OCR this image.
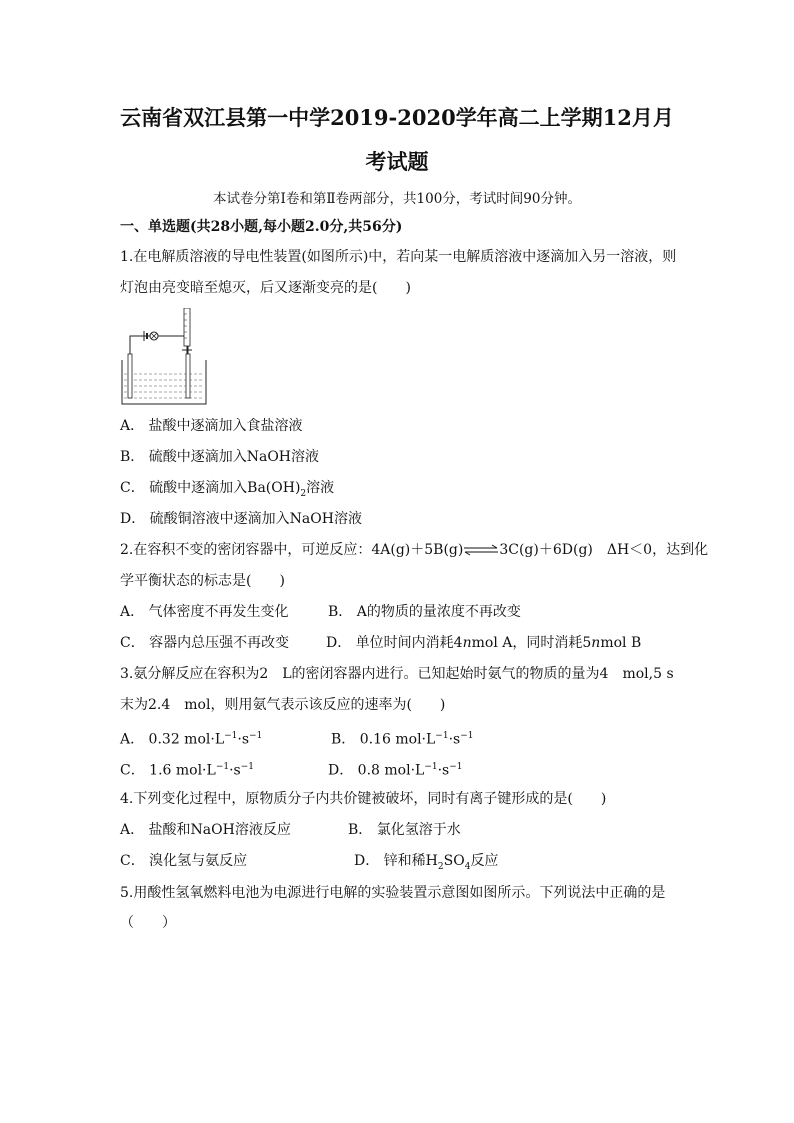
云南省双江县第一中学2019-2020学年高二上学期12月月
考试题
本试卷分第Ⅰ卷和第Ⅱ卷两部分，共100分，考试时间90分钟。
一、单选题(共28小题,每小题2.0分,共56分)
1.在电解质溶液的导电性装置(如图所示)中，若向某一电解质溶液中逐滴加入另一溶液，则
灯泡由亮变暗至熄灭，后又逐渐变亮的是(　　)
A． 盐酸中逐滴加入食盐溶液
B． 硫酸中逐滴加入NaOH溶液
C． 硫酸中逐滴加入$Ba(OH)_2$溶液
D． 硫酸铜溶液中逐滴加入NaOH溶液
2.在容积不变的密闭容器中，可逆反应：4A(g)＋5B(g)⇌3C(g)＋6D(g)　ΔH＜0，达到化
学平衡状态的标志是(　　)
A． 气体密度不再发生变化	B． A的物质的量浓度不再改变
C． 容器内总压强不再改变	D． 单位时间内消耗4nmol A，同时消耗5nmol B
3.氨分解反应在容积为2　L的密闭容器内进行。已知起始时氨气的物质的量为4　mol,5 s
末为2.4　mol，则用氨气表示该反应的速率为(　　)
A． 0.32 $mol\cdot L^{-1}\cdot s^{-1}$	B． 0.16 $mol\cdot L^{-1}\cdot s^{-1}$
C． 1.6 $mol\cdot L^{-1}\cdot s^{-1}$	D． 0.8 $mol\cdot L^{-1}\cdot s^{-1}$
4.下列变化过程中，原物质分子内共价键被破坏，同时有离子键形成的是(　　)
A． 盐酸和NaOH溶液反应	B． 氯化氢溶于水
C． 溴化氢与氨反应	D． 锌和稀$H_2SO_4$反应
5.用酸性氢氧燃料电池为电源进行电解的实验装置示意图如图所示。下列说法中正确的是
（　　）
